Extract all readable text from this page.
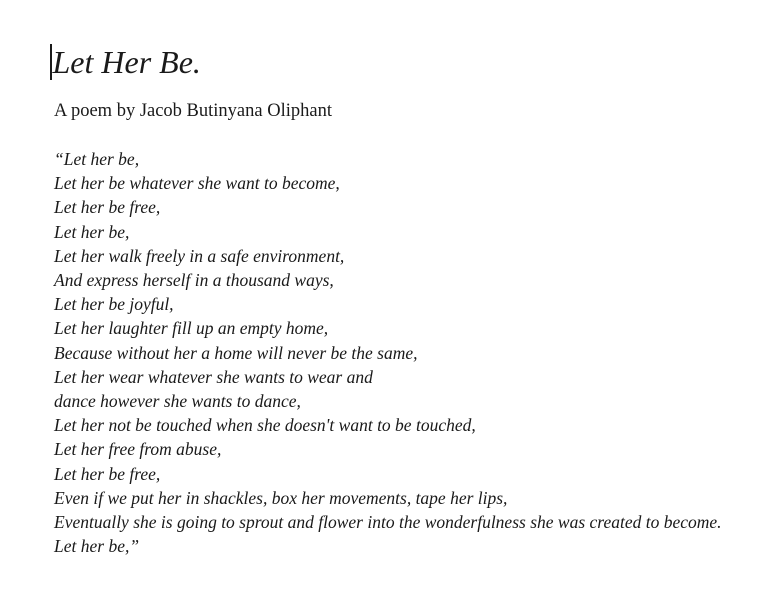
Let Her Be.

A poem by Jacob Butinyana Oliphant

“Let her be,
Let her be whatever she want to become,
Let her be free,
Let her be,
Let her walk freely in a safe environment,
And express herself in a thousand ways,
Let her be joyful,
Let her laughter fill up an empty home,
Because without her a home will never be the same,
Let her wear whatever she wants to wear and
dance however she wants to dance,
Let her not be touched when she doesn't want to be touched,
Let her free from abuse,
Let her be free,
Even if we put her in shackles, box her movements, tape her lips,
Eventually she is going to sprout and flower into the wonderfulness she was created to become.
Let her be,”
